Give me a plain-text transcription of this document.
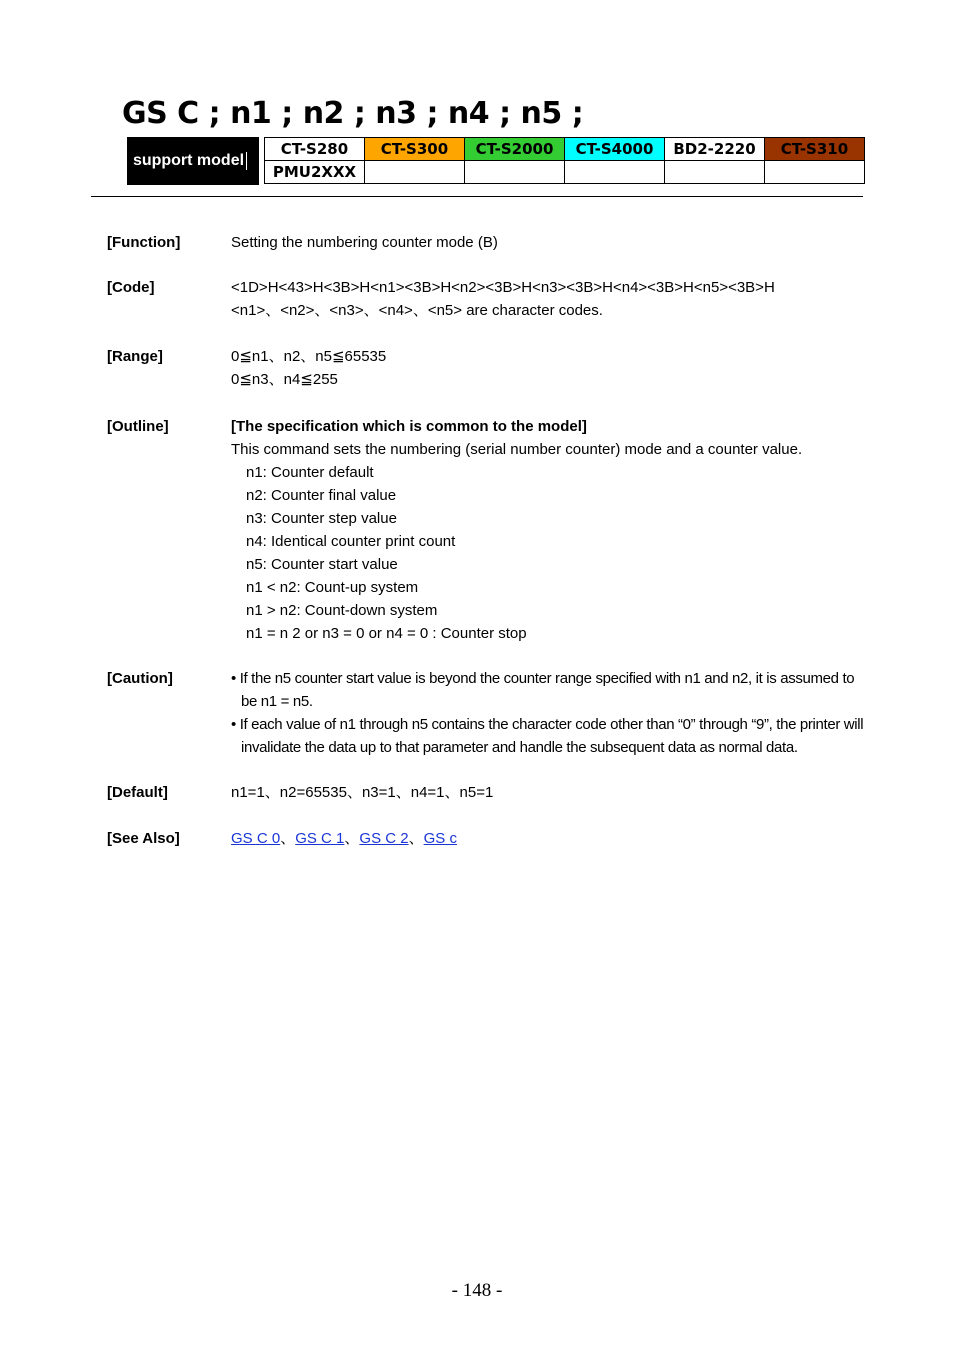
GS C ; n1 ; n2 ; n3 ; n4 ; n5 ;
support model
CT-S280	CT-S300	CT-S2000	CT-S4000	BD2-2220	CT-S310
PMU2XXX					
[Function]	Setting the numbering counter mode (B)
[Code]	<1D>H<43>H<3B>H<n1><3B>H<n2><3B>H<n3><3B>H<n4><3B>H<n5><3B>H
<n1>、<n2>、<n3>、<n4>、<n5> are character codes.
[Range]	0≦n1、n2、n5≦65535
0≦n3、n4≦255
[Outline]	[The specification which is common to the model]
This command sets the numbering (serial number counter) mode and a counter value.
n1: Counter default
n2: Counter final value
n3: Counter step value
n4: Identical counter print count
n5: Counter start value
n1 < n2: Count-up system
n1 > n2: Count-down system
n1 = n 2 or n3 = 0 or n4 = 0 : Counter stop
[Caution]	• If the n5 counter start value is beyond the counter range specified with n1 and n2, it is assumed to be n1 = n5.
• If each value of n1 through n5 contains the character code other than “0” through “9”, the printer will invalidate the data up to that parameter and handle the subsequent data as normal data.
[Default]	n1=1、n2=65535、n3=1、n4=1、n5=1
[See Also]	GS C 0、GS C 1、GS C 2、GS c
- 148 -
